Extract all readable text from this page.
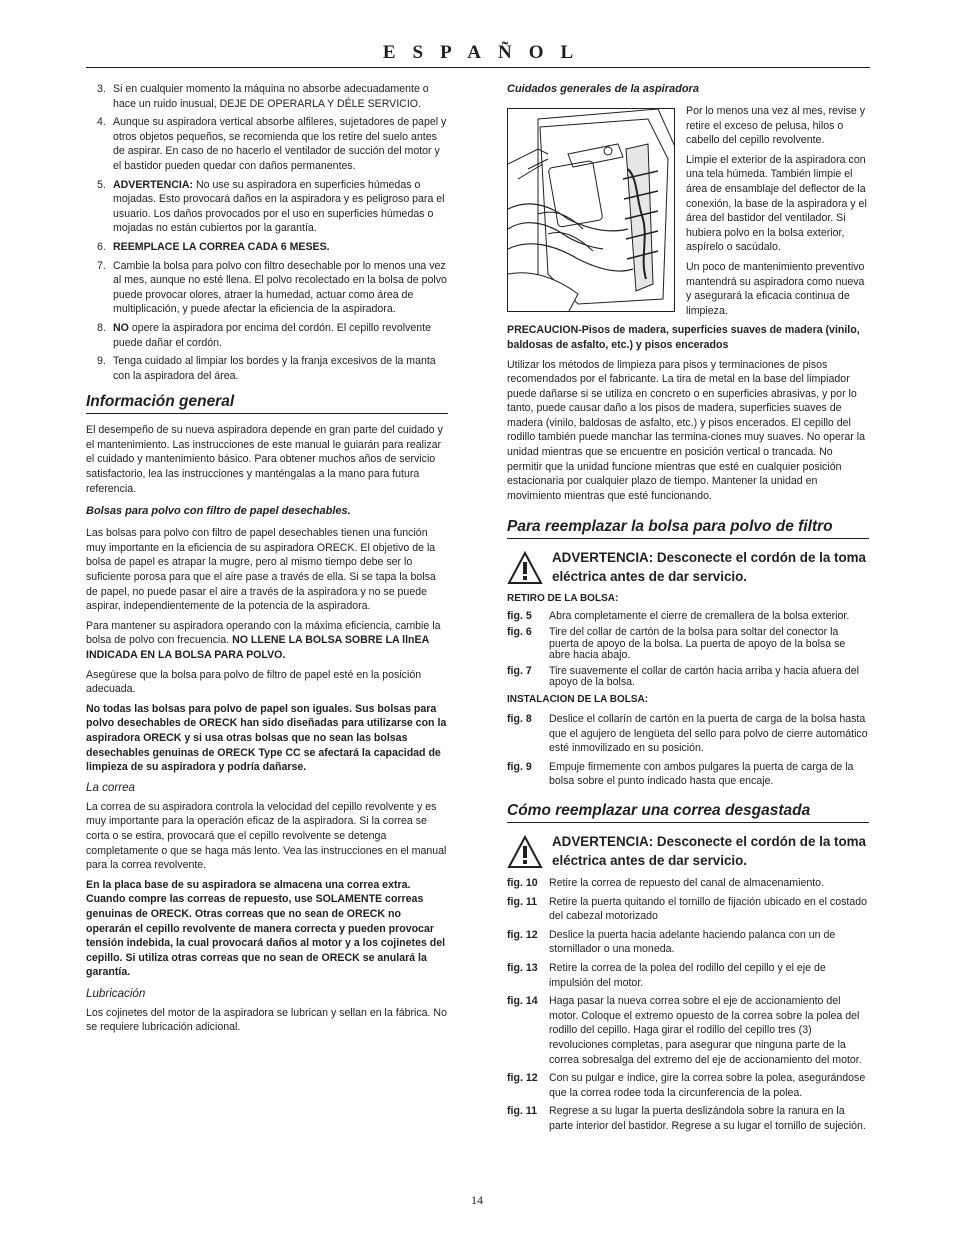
ESPAÑOL
3. Si en cualquier momento la máquina no absorbe adecuadamente o hace un ruido inusual, DEJE DE OPERARLA Y DÉLE SERVICIO.
4. Aunque su aspiradora vertical absorbe alfileres, sujetadores de papel y otros objetos pequeños, se recomienda que los retire del suelo antes de aspirar. En caso de no hacerlo el ventilador de succión del motor y el bastidor pueden quedar con daños permanentes.
5. ADVERTENCIA: No use su aspiradora en superficies húmedas o mojadas. Esto provocará daños en la aspiradora y es peligroso para el usuario. Los daños provocados por el uso en superficies húmedas o mojadas no están cubiertos por la garantía.
6. REEMPLACE LA CORREA CADA 6 MESES.
7. Cambie la bolsa para polvo con filtro desechable por lo menos una vez al mes, aunque no esté llena. El polvo recolectado en la bolsa de polvo puede provocar olores, atraer la humedad, actuar como área de multiplicación, y puede afectar la eficiencia de la aspiradora.
8. NO opere la aspiradora por encima del cordón. El cepillo revolvente puede dañar el cordón.
9. Tenga cuidado al limpiar los bordes y la franja excesivos de la manta con la aspiradora del área.
Información general

El desempeño de su nueva aspiradora depende en gran parte del cuidado y el mantenimiento. Las instrucciones de este manual le guiarán para realizar el cuidado y mantenimiento básico. Para obtener muchos años de servicio satisfactorio, lea las instrucciones y manténgalas a la mano para futura referencia.

Bolsas para polvo con filtro de papel desechables.

Las bolsas para polvo con filtro de papel desechables tienen una función muy importante en la eficiencia de su aspiradora ORECK. El objetivo de la bolsa de papel es atrapar la mugre, pero al mismo tiempo debe ser lo suficiente porosa para que el aire pase a través de ella. Si se tapa la bolsa de papel, no puede pasar el aire a través de la aspiradora y no se puede aspirar, independientemente de la potencia de la aspiradora.

Para mantener su aspiradora operando con la máxima eficiencia, cambie la bolsa de polvo con frecuencia. NO LLENE LA BOLSA SOBRE LA llnEA INDICADA EN LA BOLSA PARA POLVO.

Asegúrese que la bolsa para polvo de filtro de papel esté en la posición adecuada.

No todas las bolsas para polvo de papel son iguales. Sus bolsas para polvo desechables de ORECK han sido diseñadas para utilizarse con la aspiradora ORECK y si usa otras bolsas que no sean las bolsas desechables genuinas de ORECK Type CC se afectará la capacidad de limpieza de su aspiradora y podría dañarse.

La correa

La correa de su aspiradora controla la velocidad del cepillo revolvente y es muy importante para la operación eficaz de la aspiradora. Si la correa se corta o se estira, provocará que el cepillo revolvente se detenga completamente o que se haga más lento. Vea las instrucciones en el manual para la correa revolvente.

En la placa base de su aspiradora se almacena una correa extra. Cuando compre las correas de repuesto, use SOLAMENTE correas genuinas de ORECK. Otras correas que no sean de ORECK no operarán el cepillo revolvente de manera correcta y pueden provocar tensión indebida, la cual provocará daños al motor y a los cojinetes del cepillo. Si utiliza otras correas que no sean de ORECK se anulará la garantía.

Lubricación

Los cojinetes del motor de la aspiradora se lubrican y sellan en la fábrica. No se requiere lubricación adicional.

Cuidados generales de la aspiradora

Por lo menos una vez al mes, revise y retire el exceso de pelusa, hilos o cabello del cepillo revolvente.

Limpie el exterior de la aspiradora con una tela húmeda. También limpie el área de ensamblaje del deflector de la conexión, la base de la aspiradora y el área del bastidor del ventilador. Si hubiera polvo en la bolsa exterior, aspírelo o sacúdalo.

Un poco de mantenimiento preventivo mantendrá su aspiradora como nueva y asegurará la eficacia continua de limpieza.

PRECAUCION-Pisos de madera, superficies suaves de madera (vinilo, baldosas de asfalto, etc.) y pisos encerados

Utilizar los métodos de limpieza para pisos y terminaciones de pisos recomendados por el fabricante. La tira de metal en la base del limpiador puede dañarse si se utiliza en concreto o en superficies abrasivas, y por lo tanto, puede causar daño a los pisos de madera, superficies suaves de madera (vinilo, baldosas de asfalto, etc.) y pisos encerados. El cepillo del rodillo también puede manchar las termina-ciones muy suaves. No operar la unidad mientras que se encuentre en posición vertical o trancada. No permitir que la unidad funcione mientras que esté en cualquier posición estacionaria por cualquier plazo de tiempo. Mantener la unidad en movimiento mientras que esté funcionando.

Para reemplazar la bolsa para polvo de filtro
ADVERTENCIA: Desconecte el cordón de la toma eléctrica antes de dar servicio.
RETIRO DE LA BOLSA:
fig. 5	Abra completamente el cierre de cremallera de la bolsa exterior.
fig. 6	Tire del collar de cartón de la bolsa para soltar del conector la puerta de apoyo de la bolsa. La puerta de apoyo de la bolsa se abre hacia abajo.
fig. 7	Tire suavemente el collar de cartón hacia arriba y hacia afuera del apoyo de la bolsa.
INSTALACION DE LA BOLSA:
fig. 8	Deslice el collarín de cartón en la puerta de carga de la bolsa hasta que el agujero de lengüeta del sello para polvo de cierre automático esté inmovilizado en su posición.
fig. 9	Empuje firmemente con ambos pulgares la puerta de carga de la bolsa sobre el punto indicado hasta que encaje.
Cómo reemplazar una correa desgastada
ADVERTENCIA: Desconecte el cordón de la toma eléctrica antes de dar servicio.
fig. 10	Retire la correa de repuesto del canal de almacenamiento.
fig. 11	Retire la puerta quitando el tornillo de fijación ubicado en el costado del cabezal motorizado
fig. 12	Deslice la puerta hacia adelante haciendo palanca con un de stornillador o una moneda.
fig. 13	Retire la correa de la polea del rodillo del cepillo y el eje de impulsión del motor.
fig. 14	Haga pasar la nueva correa sobre el eje de accionamiento del motor. Coloque el extremo opuesto de la correa sobre la polea del rodillo del cepillo. Haga girar el rodillo del cepillo tres (3) revoluciones completas, para asegurar que ninguna parte de la correa sobresalga del extremo del eje de accionamiento del motor.
fig. 12	Con su pulgar e índice, gire la correa sobre la polea, asegurándose que la correa rodee toda la circunferencia de la polea.
fig. 11	Regrese a su lugar la puerta deslizándola sobre la ranura en la parte interior del bastidor. Regrese a su lugar el tornillo de sujeción.
14
